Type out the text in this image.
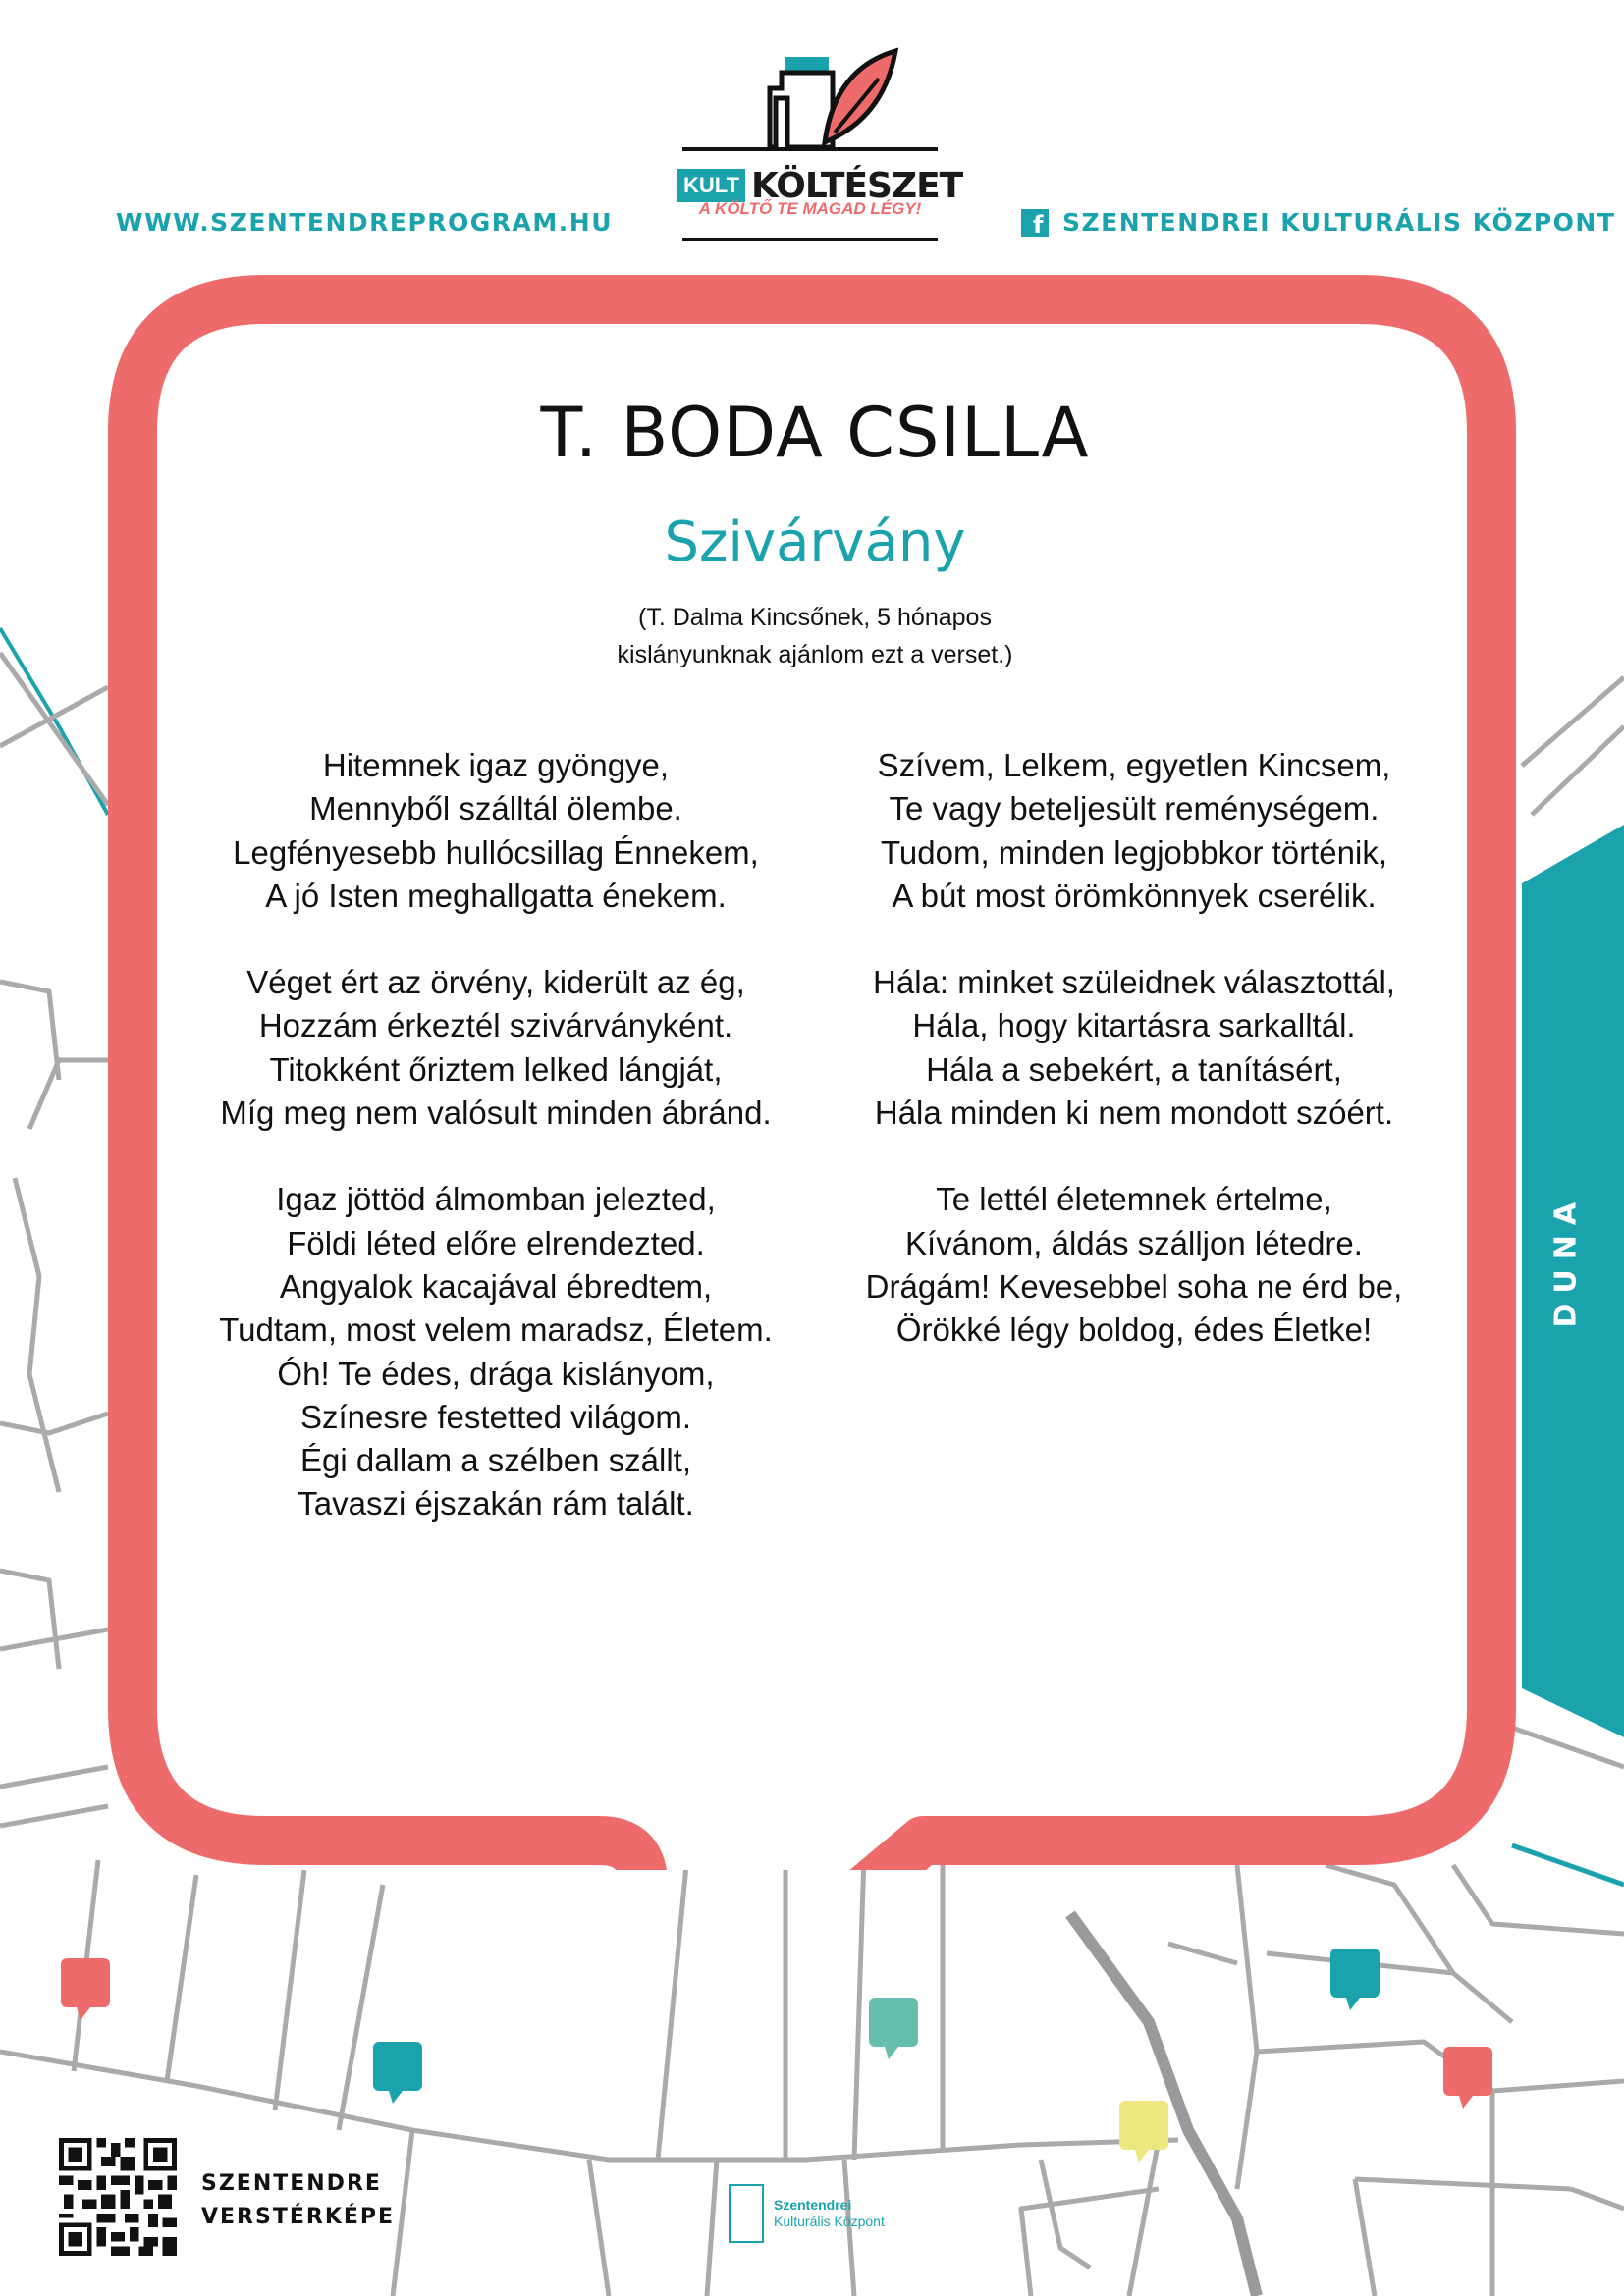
WWW.SZENTENDREPROGRAM.HU
KULT KÖLTÉSZET
A KÖLTŐ TE MAGAD LÉGY!
f SZENTENDREI KULTURÁLIS KÖZPONT
T. BODA CSILLA
Szivárvány
(T. Dalma Kincsőnek, 5 hónapos
kislányunknak ajánlom ezt a verset.)
Hitemnek igaz gyöngye,
Mennyből szálltál ölembe.
Legfényesebb hullócsillag Énnekem,
A jó Isten meghallgatta énekem.
Véget ért az örvény, kiderült az ég,
Hozzám érkeztél szivárványként.
Titokként őriztem lelked lángját,
Míg meg nem valósult minden ábránd.
Igaz jöttöd álmomban jelezted,
Földi léted előre elrendezted.
Angyalok kacajával ébredtem,
Tudtam, most velem maradsz, Életem.
Óh! Te édes, drága kislányom,
Színesre festetted világom.
Égi dallam a szélben szállt,
Tavaszi éjszakán rám talált.
Szívem, Lelkem, egyetlen Kincsem,
Te vagy beteljesült reménységem.
Tudom, minden legjobbkor történik,
A bút most örömkönnyek cserélik.
Hála: minket szüleidnek választottál,
Hála, hogy kitartásra sarkalltál.
Hála a sebekért, a tanításért,
Hála minden ki nem mondott szóért.
Te lettél életemnek értelme,
Kívánom, áldás szálljon létedre.
Drágám! Kevesebbel soha ne érd be,
Örökké légy boldog, édes Életke!
DUNA
SZENTENDRE
VERSTÉRKÉPE	Szentendrei
Kulturális Központ
